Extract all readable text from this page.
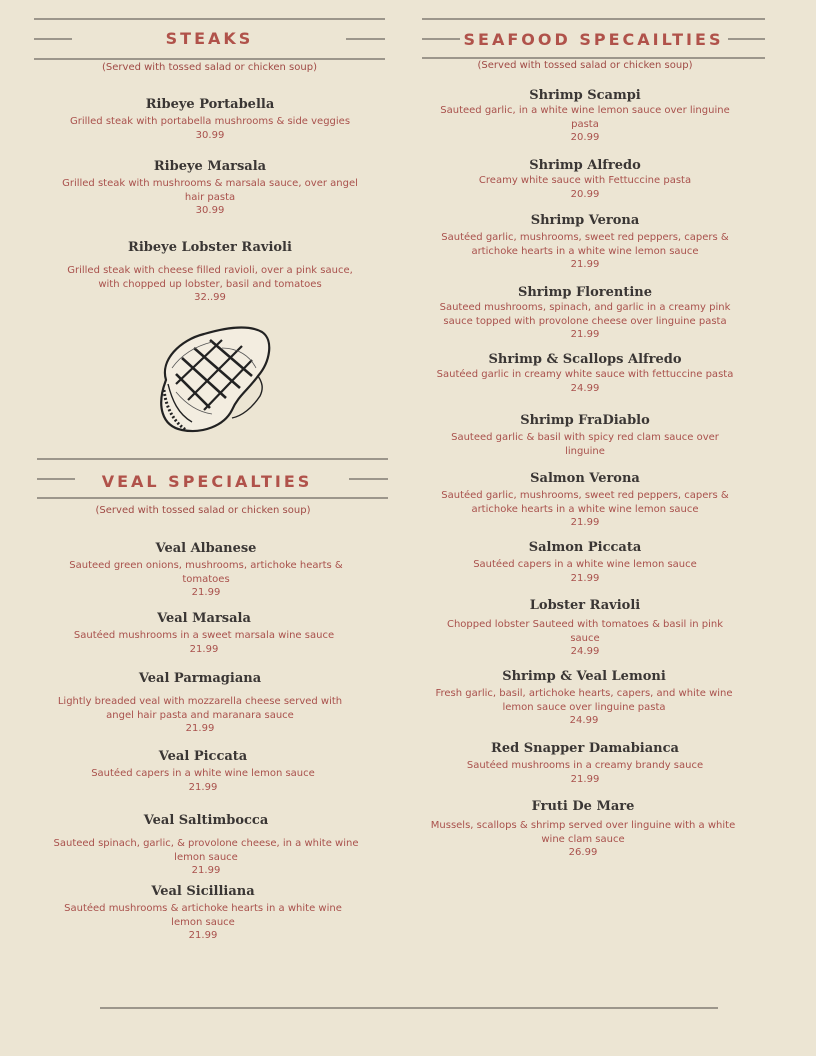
STEAKS
(Served with tossed salad or chicken soup)
Ribeye Portabella
Grilled steak with portabella mushrooms & side veggies
30.99
Ribeye Marsala
Grilled steak with mushrooms & marsala sauce, over angel hair pasta
30.99
Ribeye Lobster Ravioli
Grilled steak with cheese filled ravioli, over a pink sauce, with chopped up lobster, basil and tomatoes
32..99
VEAL SPECIALTIES
(Served with tossed salad or chicken soup)
Veal Albanese
Sauteed green onions, mushrooms, artichoke hearts & tomatoes
21.99
Veal Marsala
Sautéed mushrooms in a sweet marsala wine sauce
21.99
Veal Parmagiana
Lightly breaded veal with mozzarella cheese served with angel hair pasta and maranara sauce
21.99
Veal Piccata
Sautéed capers in a white wine lemon sauce
21.99
Veal Saltimbocca
Sauteed spinach, garlic, & provolone cheese, in a white wine lemon sauce
21.99
Veal Sicilliana
Sautéed mushrooms & artichoke hearts in a white wine lemon sauce
21.99
SEAFOOD SPECAILTIES
(Served with tossed salad or chicken soup)
Shrimp Scampi
Sauteed garlic, in a white wine lemon sauce over linguine pasta
20.99
Shrimp Alfredo
Creamy white sauce with Fettuccine pasta
20.99
Shrimp Verona
Sautéed garlic, mushrooms, sweet red peppers, capers & artichoke hearts in a white wine lemon sauce
21.99
Shrimp Florentine
Sauteed mushrooms, spinach, and garlic in a creamy pink sauce topped with provolone cheese over linguine pasta
21.99
Shrimp & Scallops Alfredo
Sautéed garlic in creamy white sauce with fettuccine pasta
24.99
Shrimp FraDiablo
Sauteed garlic & basil with spicy red clam sauce over linguine
Salmon Verona
Sautéed garlic, mushrooms, sweet red peppers, capers & artichoke hearts in a white wine lemon sauce
21.99
Salmon Piccata
Sautéed capers in a white wine lemon sauce
21.99
Lobster Ravioli
Chopped lobster Sauteed with tomatoes & basil in pink sauce
24.99
Shrimp & Veal Lemoni
Fresh garlic, basil, artichoke hearts, capers, and white wine lemon sauce over linguine pasta
24.99
Red Snapper Damabianca
Sautéed mushrooms in a creamy brandy sauce
21.99
Fruti De Mare
Mussels, scallops & shrimp served over linguine with a white wine clam sauce
26.99
